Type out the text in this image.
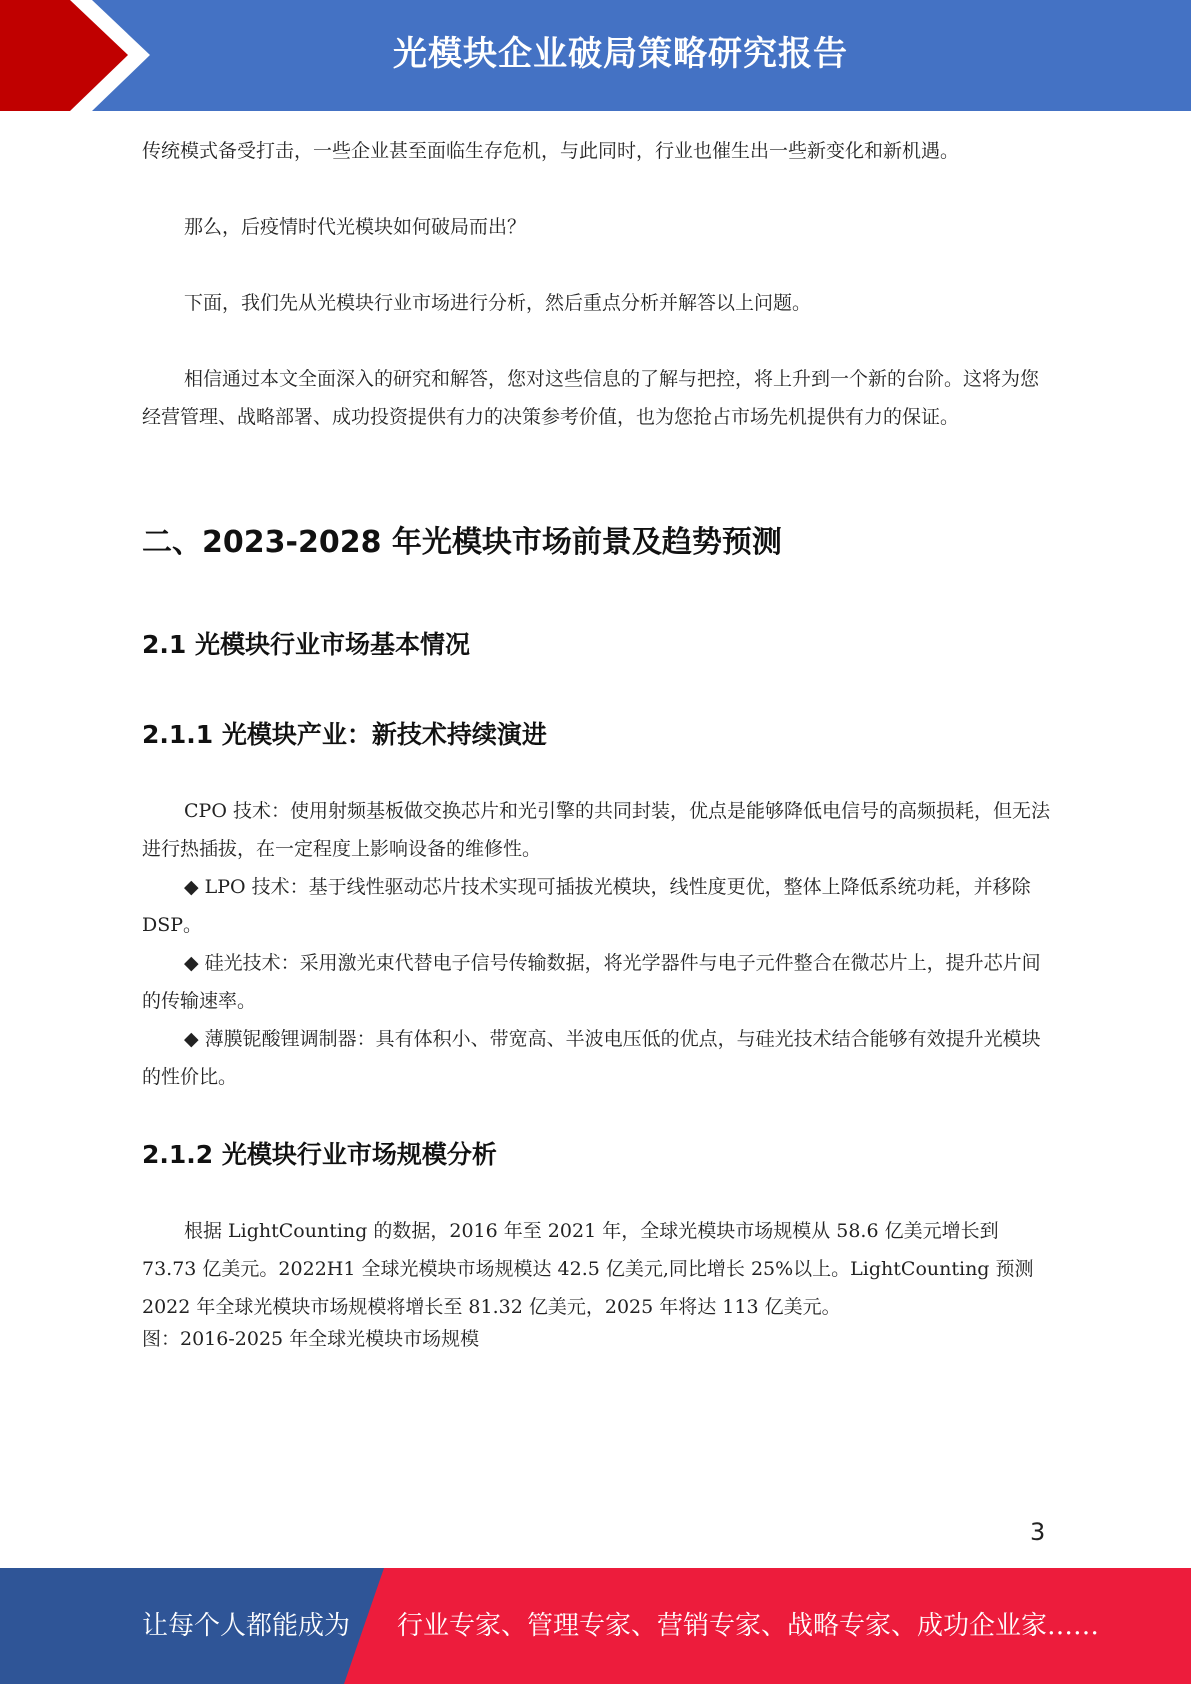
光模块企业破局策略研究报告

传统模式备受打击，一些企业甚至面临生存危机，与此同时，行业也催生出一些新变化和新机遇。

那么，后疫情时代光模块如何破局而出？

下面，我们先从光模块行业市场进行分析，然后重点分析并解答以上问题。

相信通过本文全面深入的研究和解答，您对这些信息的了解与把控，将上升到一个新的台阶。这将为您经营管理、战略部署、成功投资提供有力的决策参考价值，也为您抢占市场先机提供有力的保证。

二、2023-2028 年光模块市场前景及趋势预测
2.1 光模块行业市场基本情况
2.1.1 光模块产业：新技术持续演进

CPO 技术：使用射频基板做交换芯片和光引擎的共同封装，优点是能够降低电信号的高频损耗，但无法进行热插拔，在一定程度上影响设备的维修性。

◆ LPO 技术：基于线性驱动芯片技术实现可插拔光模块，线性度更优，整体上降低系统功耗，并移除 DSP。

◆ 硅光技术：采用激光束代替电子信号传输数据，将光学器件与电子元件整合在微芯片上，提升芯片间的传输速率。

◆ 薄膜铌酸锂调制器：具有体积小、带宽高、半波电压低的优点，与硅光技术结合能够有效提升光模块的性价比。

2.1.2 光模块行业市场规模分析

根据 LightCounting 的数据，2016 年至 2021 年，全球光模块市场规模从 58.6 亿美元增长到 73.73 亿美元。2022H1 全球光模块市场规模达 42.5 亿美元,同比增长 25%以上。LightCounting 预测 2022 年全球光模块市场规模将增长至 81.32 亿美元，2025 年将达 113 亿美元。

图：2016-2025 年全球光模块市场规模

3
让每个人都能成为 行业专家、管理专家、营销专家、战略专家、成功企业家……
